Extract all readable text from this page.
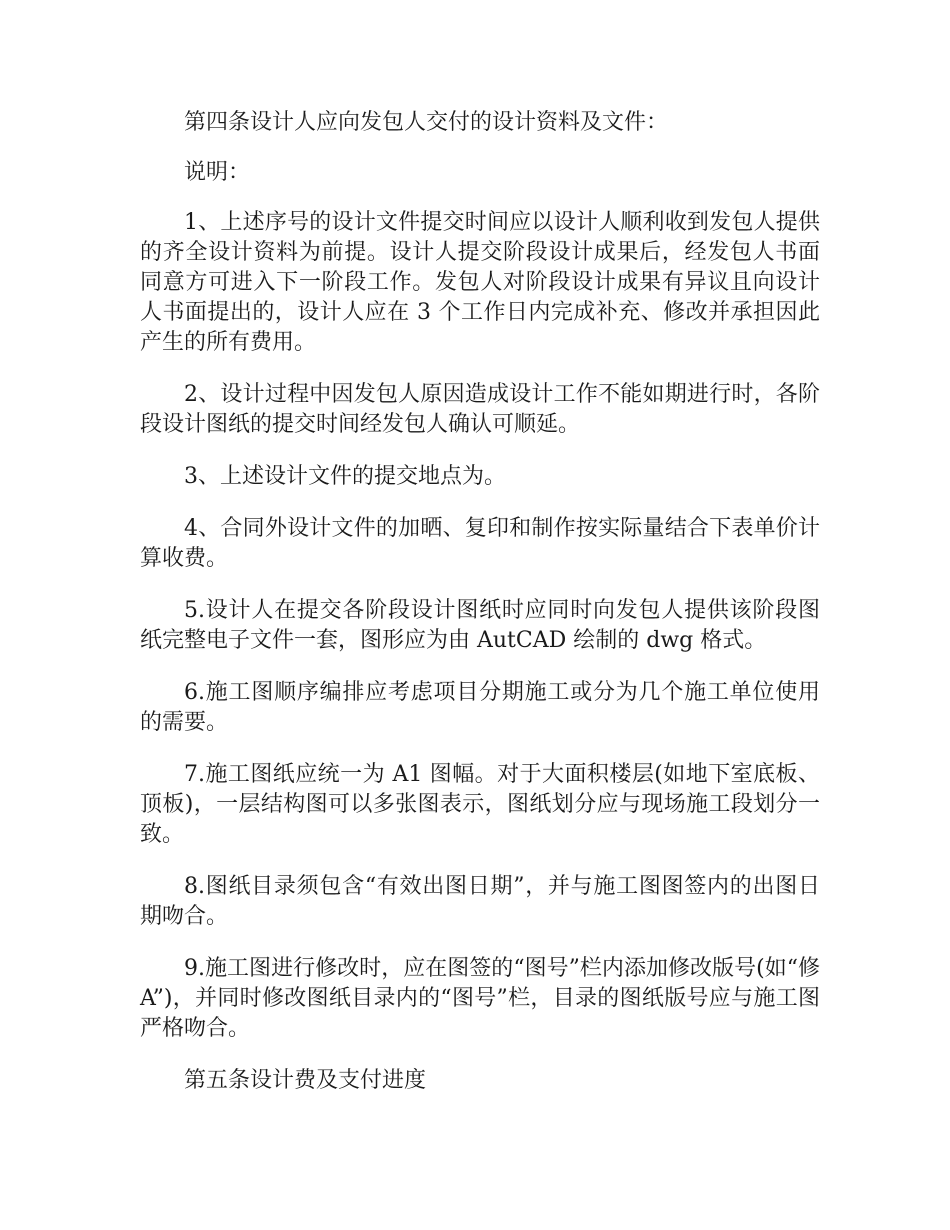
第四条设计人应向发包人交付的设计资料及文件：

说明：

1、上述序号的设计文件提交时间应以设计人顺利收到发包人提供的齐全设计资料为前提。设计人提交阶段设计成果后，经发包人书面同意方可进入下一阶段工作。发包人对阶段设计成果有异议且向设计人书面提出的，设计人应在 3 个工作日内完成补充、修改并承担因此产生的所有费用。

2、设计过程中因发包人原因造成设计工作不能如期进行时，各阶段设计图纸的提交时间经发包人确认可顺延。

3、上述设计文件的提交地点为。

4、合同外设计文件的加晒、复印和制作按实际量结合下表单价计算收费。

5.设计人在提交各阶段设计图纸时应同时向发包人提供该阶段图纸完整电子文件一套，图形应为由 AutCAD 绘制的 dwg 格式。

6.施工图顺序编排应考虑项目分期施工或分为几个施工单位使用的需要。

7.施工图纸应统一为 A1 图幅。对于大面积楼层(如地下室底板、顶板)，一层结构图可以多张图表示，图纸划分应与现场施工段划分一致。

8.图纸目录须包含“有效出图日期”，并与施工图图签内的出图日期吻合。

9.施工图进行修改时，应在图签的“图号”栏内添加修改版号(如“修 A”)，并同时修改图纸目录内的“图号”栏，目录的图纸版号应与施工图严格吻合。

第五条设计费及支付进度
